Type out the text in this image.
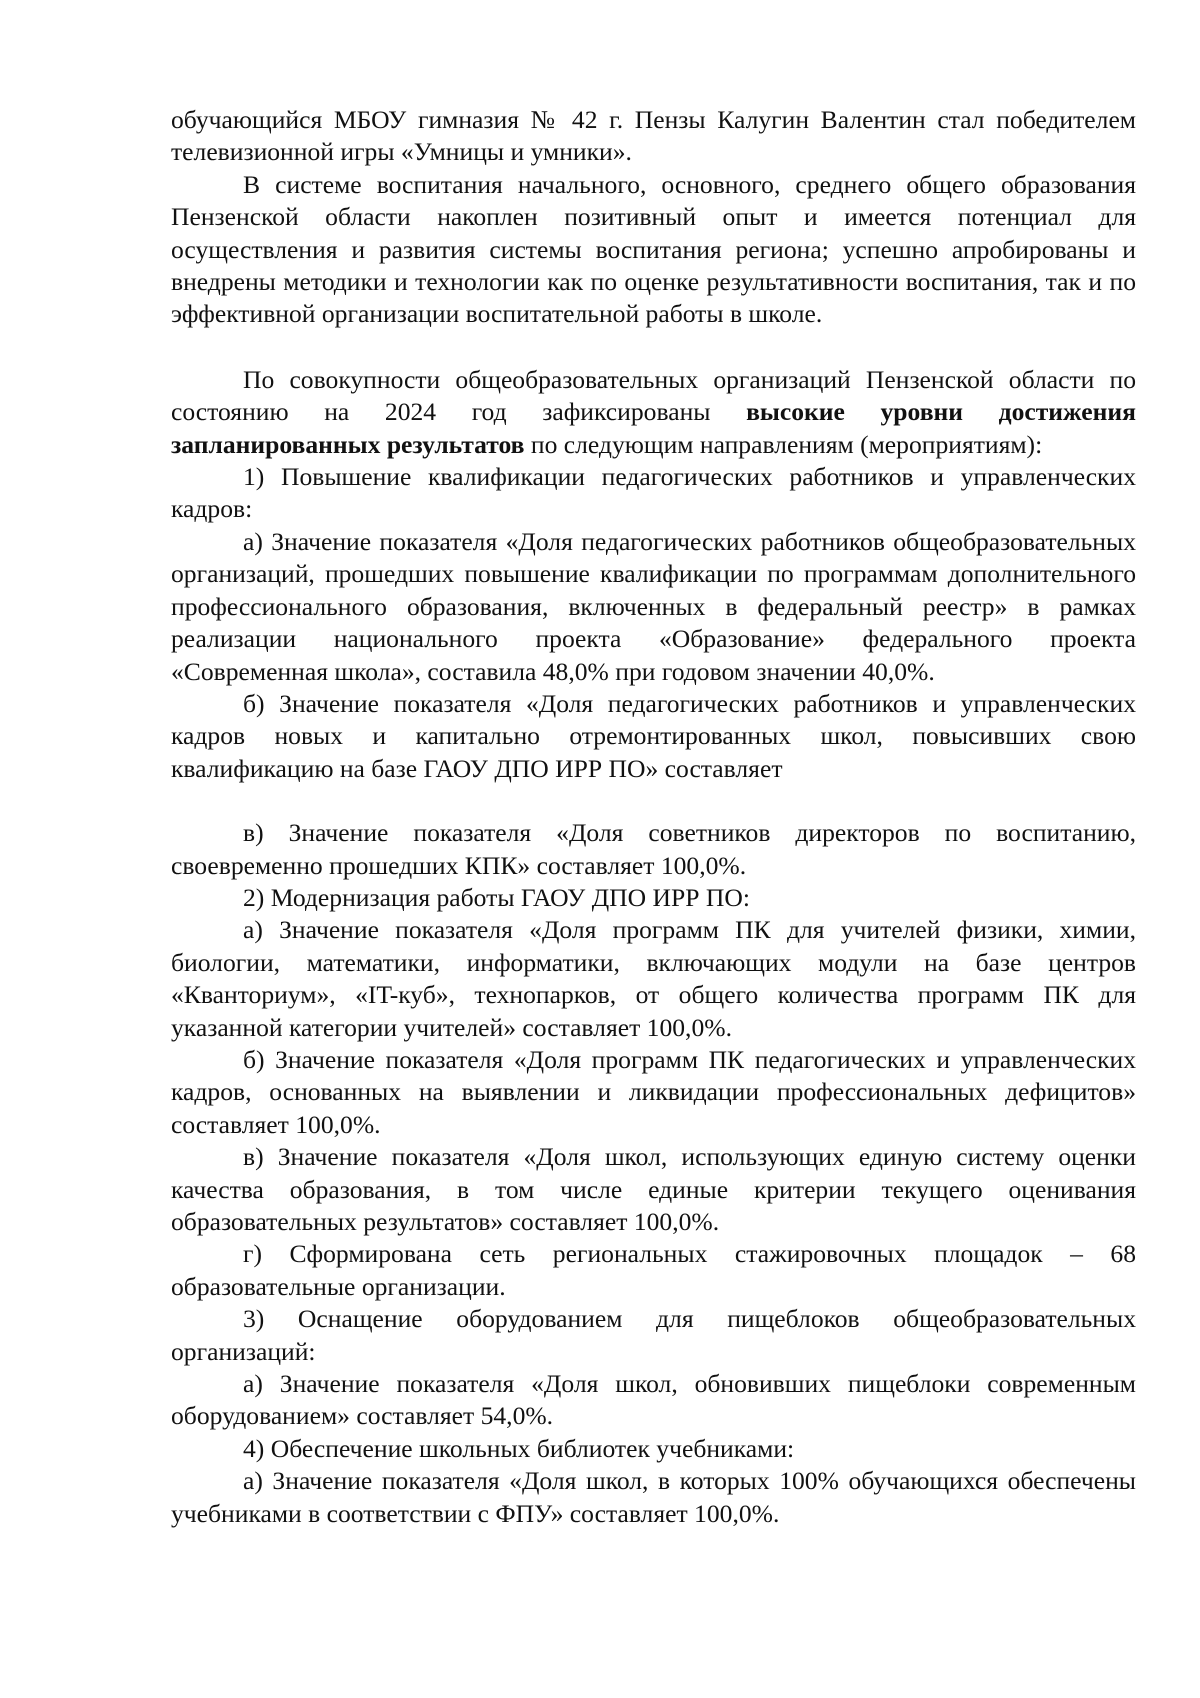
обучающийся МБОУ гимназия № 42 г. Пензы Калугин Валентин стал победителем телевизионной игры «Умницы и умники».

В системе воспитания начального, основного, среднего общего образования Пензенской области накоплен позитивный опыт и имеется потенциал для осуществления и развития системы воспитания региона; успешно апробированы и внедрены методики и технологии как по оценке результативности воспитания, так и по эффективной организации воспитательной работы в школе.

По совокупности общеобразовательных организаций Пензенской области по состоянию на 2024 год зафиксированы высокие уровни достижения запланированных результатов по следующим направлениям (мероприятиям):

1) Повышение квалификации педагогических работников и управленческих кадров:

а) Значение показателя «Доля педагогических работников общеобразовательных организаций, прошедших повышение квалификации по программам дополнительного профессионального образования, включенных в федеральный реестр» в рамках реализации национального проекта «Образование» федерального проекта «Современная школа», составила 48,0% при годовом значении 40,0%.

б) Значение показателя «Доля педагогических работников и управленческих кадров новых и капитально отремонтированных школ, повысивших свою квалификацию на базе ГАОУ ДПО ИРР ПО» составляет

в) Значение показателя «Доля советников директоров по воспитанию, своевременно прошедших КПК» составляет 100,0%.

2) Модернизация работы ГАОУ ДПО ИРР ПО:

а) Значение показателя «Доля программ ПК для учителей физики, химии, биологии, математики, информатики, включающих модули на базе центров «Кванториум», «IT-куб», технопарков, от общего количества программ ПК для указанной категории учителей» составляет 100,0%.

б) Значение показателя «Доля программ ПК педагогических и управленческих кадров, основанных на выявлении и ликвидации профессиональных дефицитов» составляет 100,0%.

в) Значение показателя «Доля школ, использующих единую систему оценки качества образования, в том числе единые критерии текущего оценивания образовательных результатов» составляет 100,0%.

г) Сформирована сеть региональных стажировочных площадок – 68 образовательные организации.

3) Оснащение оборудованием для пищеблоков общеобразовательных организаций:

а) Значение показателя «Доля школ, обновивших пищеблоки современным оборудованием» составляет 54,0%.

4) Обеспечение школьных библиотек учебниками:

а) Значение показателя «Доля школ, в которых 100% обучающихся обеспечены учебниками в соответствии с ФПУ» составляет 100,0%.
